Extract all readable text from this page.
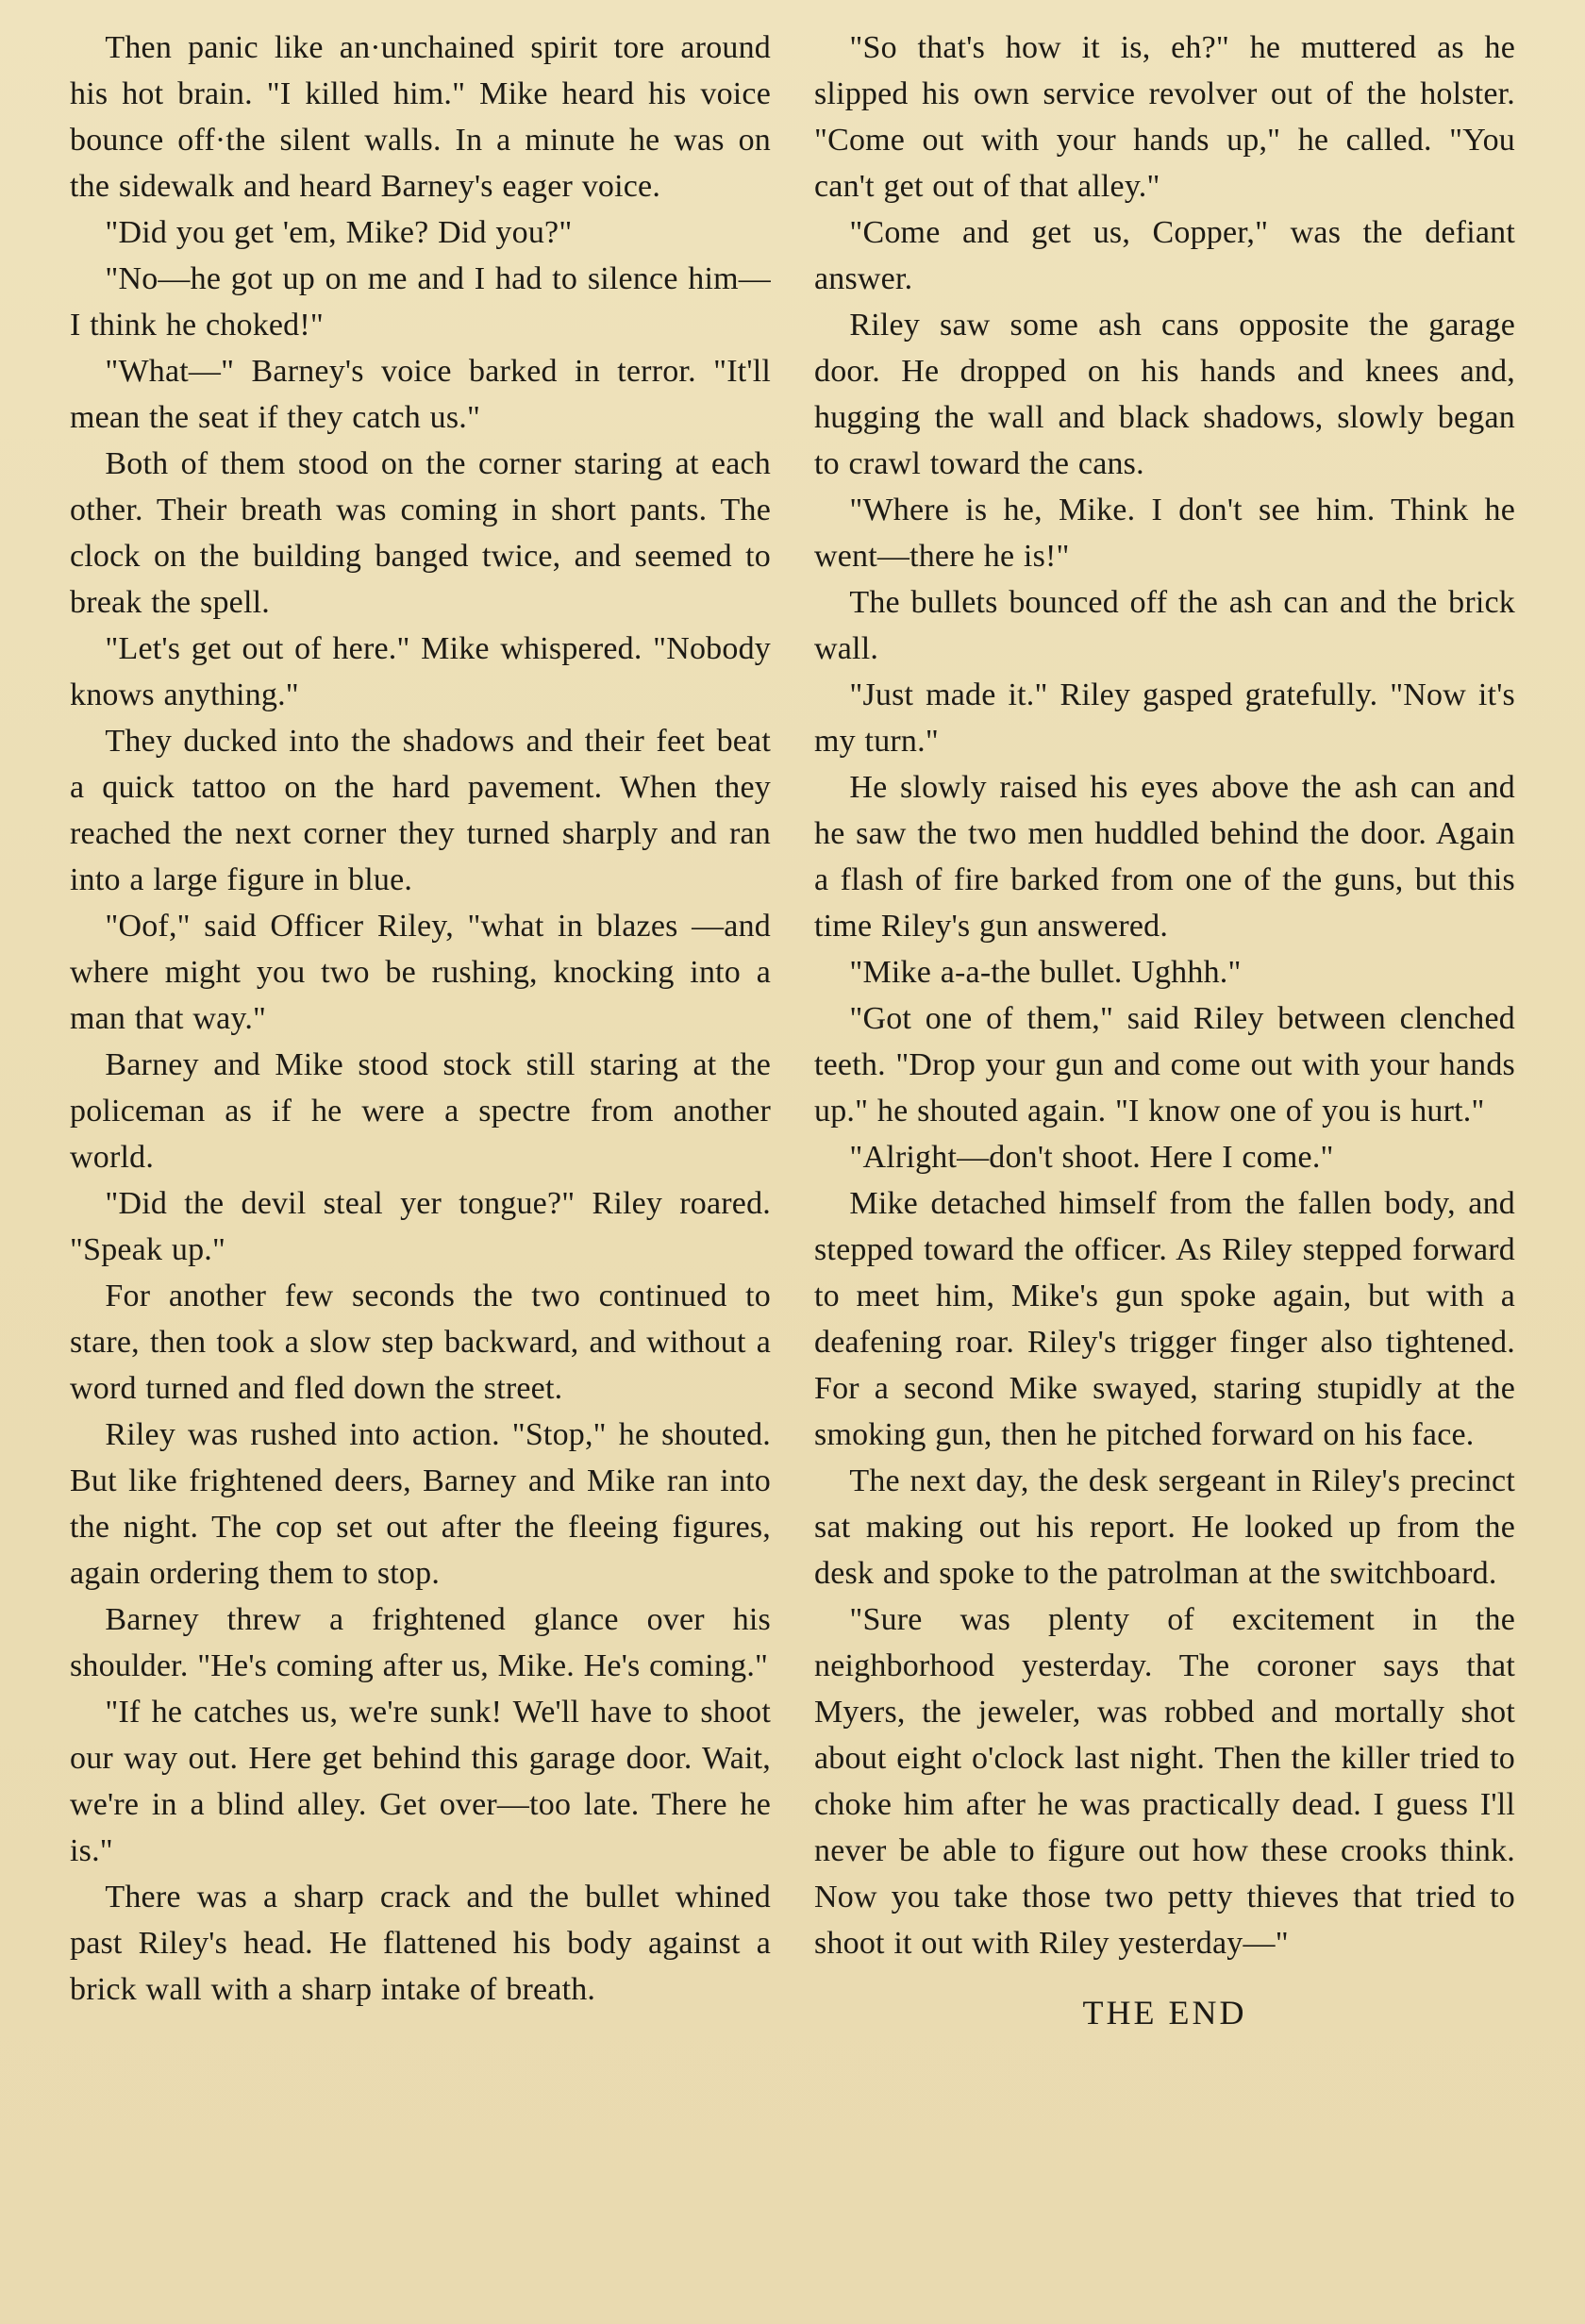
Then panic like an·unchained spirit tore around his hot brain. "I killed him." Mike heard his voice bounce off·the silent walls. In a minute he was on the sidewalk and heard Barney's eager voice.

"Did you get 'em, Mike? Did you?"

"No—he got up on me and I had to silence him—I think he choked!"

"What—" Barney's voice barked in terror. "It'll mean the seat if they catch us."

Both of them stood on the corner staring at each other. Their breath was coming in short pants. The clock on the building banged twice, and seemed to break the spell.

"Let's get out of here." Mike whispered. "Nobody knows anything."

They ducked into the shadows and their feet beat a quick tattoo on the hard pavement. When they reached the next corner they turned sharply and ran into a large figure in blue.

"Oof," said Officer Riley, "what in blazes —and where might you two be rushing, knocking into a man that way."

Barney and Mike stood stock still staring at the policeman as if he were a spectre from another world.

"Did the devil steal yer tongue?" Riley roared. "Speak up."

For another few seconds the two continued to stare, then took a slow step backward, and without a word turned and fled down the street.

Riley was rushed into action. "Stop," he shouted. But like frightened deers, Barney and Mike ran into the night. The cop set out after the fleeing figures, again ordering them to stop.

Barney threw a frightened glance over his shoulder. "He's coming after us, Mike. He's coming."

"If he catches us, we're sunk! We'll have to shoot our way out. Here get behind this garage door. Wait, we're in a blind alley. Get over—too late. There he is."

There was a sharp crack and the bullet whined past Riley's head. He flattened his body against a brick wall with a sharp intake of breath.

"So that's how it is, eh?" he muttered as he slipped his own service revolver out of the holster. "Come out with your hands up," he called. "You can't get out of that alley."

"Come and get us, Copper," was the defiant answer.

Riley saw some ash cans opposite the garage door. He dropped on his hands and knees and, hugging the wall and black shadows, slowly began to crawl toward the cans.

"Where is he, Mike. I don't see him. Think he went—there he is!"

The bullets bounced off the ash can and the brick wall.

"Just made it." Riley gasped gratefully. "Now it's my turn."

He slowly raised his eyes above the ash can and he saw the two men huddled behind the door. Again a flash of fire barked from one of the guns, but this time Riley's gun answered.

"Mike a-a-the bullet. Ughhh."

"Got one of them," said Riley between clenched teeth. "Drop your gun and come out with your hands up." he shouted again. "I know one of you is hurt."

"Alright—don't shoot. Here I come."

Mike detached himself from the fallen body, and stepped toward the officer. As Riley stepped forward to meet him, Mike's gun spoke again, but with a deafening roar. Riley's trigger finger also tightened. For a second Mike swayed, staring stupidly at the smoking gun, then he pitched forward on his face.

The next day, the desk sergeant in Riley's precinct sat making out his report. He looked up from the desk and spoke to the patrolman at the switchboard.

"Sure was plenty of excitement in the neighborhood yesterday. The coroner says that Myers, the jeweler, was robbed and mortally shot about eight o'clock last night. Then the killer tried to choke him after he was practically dead. I guess I'll never be able to figure out how these crooks think. Now you take those two petty thieves that tried to shoot it out with Riley yesterday—"

THE END
